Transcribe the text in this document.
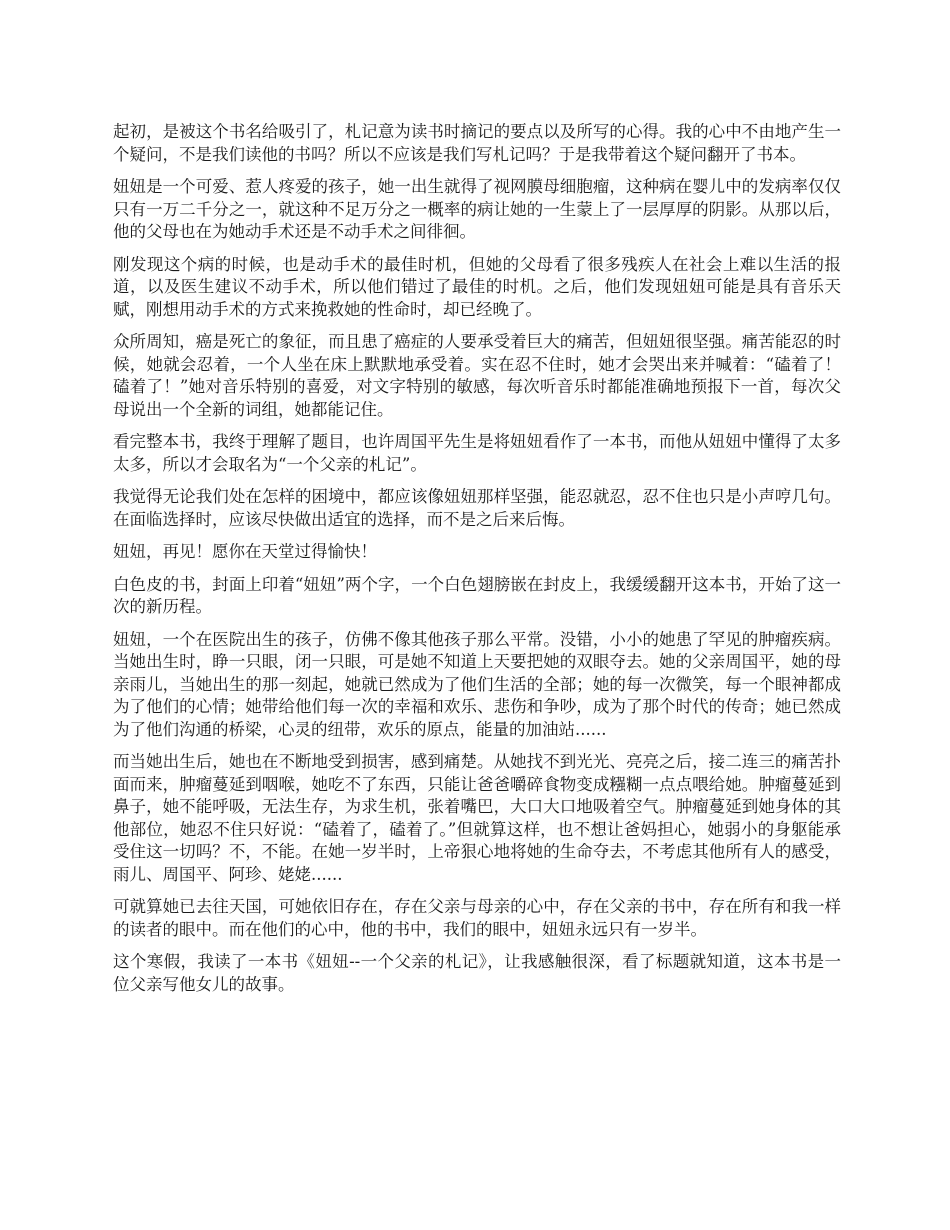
起初，是被这个书名给吸引了，札记意为读书时摘记的要点以及所写的心得。我的心中不由地产生一个疑问，不是我们读他的书吗？所以不应该是我们写札记吗？于是我带着这个疑问翻开了书本。

妞妞是一个可爱、惹人疼爱的孩子，她一出生就得了视网膜母细胞瘤，这种病在婴儿中的发病率仅仅只有一万二千分之一，就这种不足万分之一概率的病让她的一生蒙上了一层厚厚的阴影。从那以后，他的父母也在为她动手术还是不动手术之间徘徊。

刚发现这个病的时候，也是动手术的最佳时机，但她的父母看了很多残疾人在社会上难以生活的报道，以及医生建议不动手术，所以他们错过了最佳的时机。之后，他们发现妞妞可能是具有音乐天赋，刚想用动手术的方式来挽救她的性命时，却已经晚了。

众所周知，癌是死亡的象征，而且患了癌症的人要承受着巨大的痛苦，但妞妞很坚强。痛苦能忍的时候，她就会忍着，一个人坐在床上默默地承受着。实在忍不住时，她才会哭出来并喊着：“磕着了！磕着了！”她对音乐特别的喜爱，对文字特别的敏感，每次听音乐时都能准确地预报下一首，每次父母说出一个全新的词组，她都能记住。

看完整本书，我终于理解了题目，也许周国平先生是将妞妞看作了一本书，而他从妞妞中懂得了太多太多，所以才会取名为“一个父亲的札记”。

我觉得无论我们处在怎样的困境中，都应该像妞妞那样坚强，能忍就忍，忍不住也只是小声哼几句。在面临选择时，应该尽快做出适宜的选择，而不是之后来后悔。

妞妞，再见！愿你在天堂过得愉快！

白色皮的书，封面上印着“妞妞”两个字，一个白色翅膀嵌在封皮上，我缓缓翻开这本书，开始了这一次的新历程。

妞妞，一个在医院出生的孩子，仿佛不像其他孩子那么平常。没错，小小的她患了罕见的肿瘤疾病。当她出生时，睁一只眼，闭一只眼，可是她不知道上天要把她的双眼夺去。她的父亲周国平，她的母亲雨儿，当她出生的那一刻起，她就已然成为了他们生活的全部；她的每一次微笑，每一个眼神都成为了他们的心情；她带给他们每一次的幸福和欢乐、悲伤和争吵，成为了那个时代的传奇；她已然成为了他们沟通的桥梁，心灵的纽带，欢乐的原点，能量的加油站......

而当她出生后，她也在不断地受到损害，感到痛楚。从她找不到光光、亮亮之后，接二连三的痛苦扑面而来，肿瘤蔓延到咽喉，她吃不了东西，只能让爸爸嚼碎食物变成糨糊一点点喂给她。肿瘤蔓延到鼻子，她不能呼吸，无法生存，为求生机，张着嘴巴，大口大口地吸着空气。肿瘤蔓延到她身体的其他部位，她忍不住只好说：“磕着了，磕着了。”但就算这样，也不想让爸妈担心，她弱小的身躯能承受住这一切吗？不，不能。在她一岁半时，上帝狠心地将她的生命夺去，不考虑其他所有人的感受，雨儿、周国平、阿珍、姥姥......

可就算她已去往天国，可她依旧存在，存在父亲与母亲的心中，存在父亲的书中，存在所有和我一样的读者的眼中。而在他们的心中，他的书中，我们的眼中，妞妞永远只有一岁半。

这个寒假，我读了一本书《妞妞--一个父亲的札记》，让我感触很深，看了标题就知道，这本书是一位父亲写他女儿的故事。
